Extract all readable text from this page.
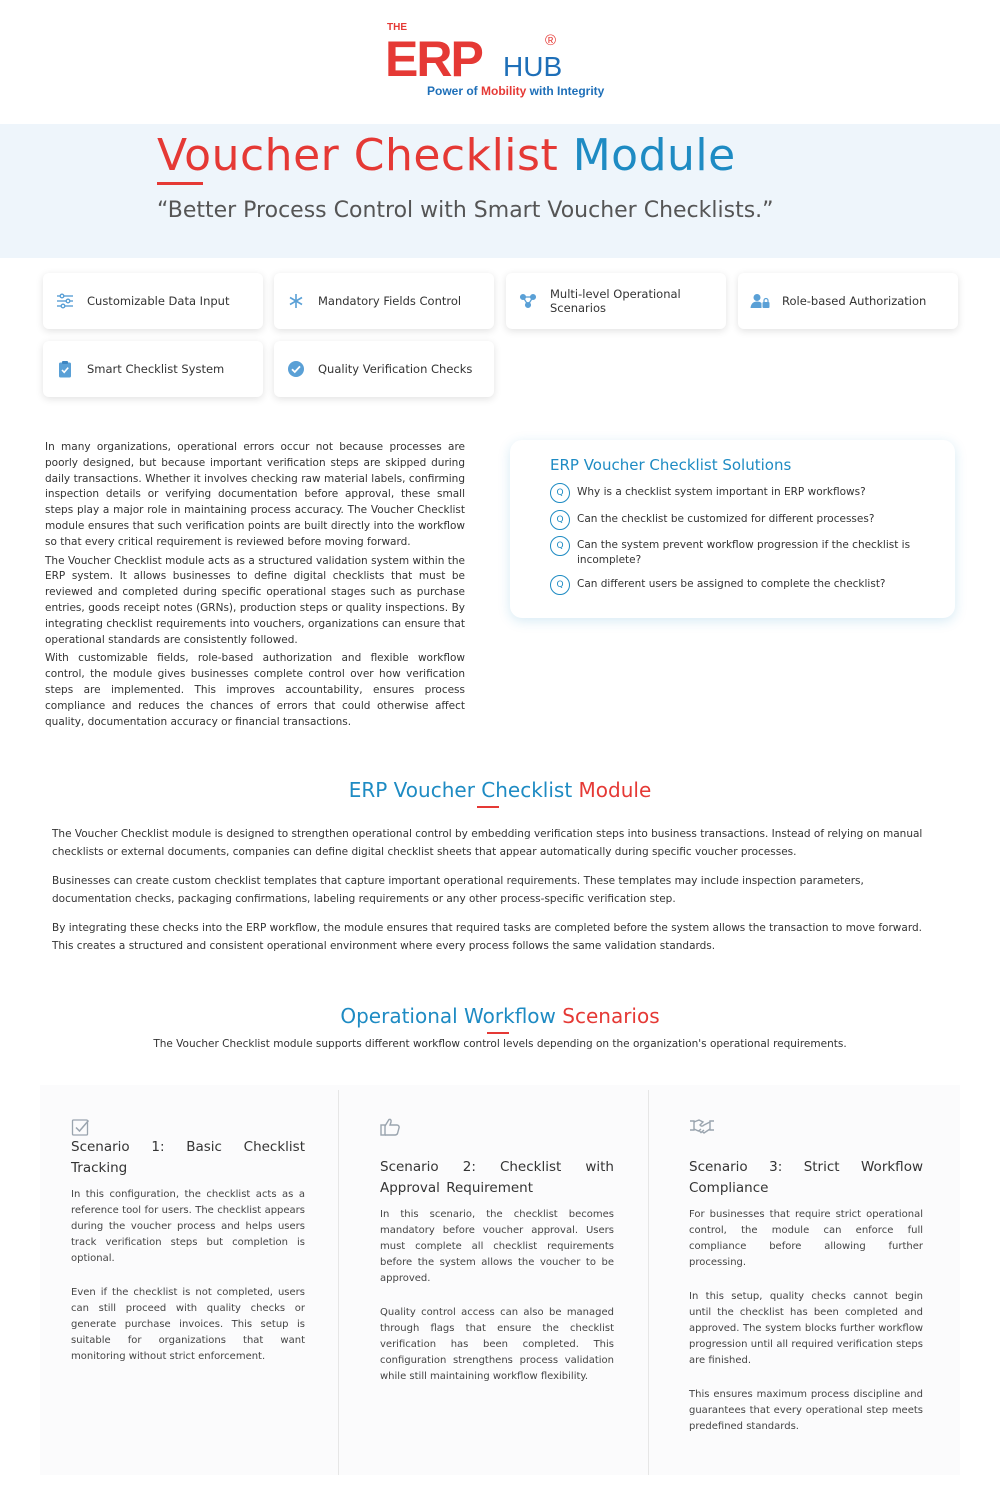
THE
ERP HUB
®
Power of Mobility with Integrity
Voucher Checklist Module
“Better Process Control with Smart Voucher Checklists.”
Customizable Data Input	Mandatory Fields Control	Multi-level Operational Scenarios	Role-based Authorization
Smart Checklist System	Quality Verification Checks

In many organizations, operational errors occur not because processes are poorly designed, but because important verification steps are skipped during daily transactions. Whether it involves checking raw material labels, confirming inspection details or verifying documentation before approval, these small steps play a major role in maintaining process accuracy. The Voucher Checklist module ensures that such verification points are built directly into the workflow so that every critical requirement is reviewed before moving forward.

The Voucher Checklist module acts as a structured validation system within the ERP system. It allows businesses to define digital checklists that must be reviewed and completed during specific operational stages such as purchase entries, goods receipt notes (GRNs), production steps or quality inspections. By integrating checklist requirements into vouchers, organizations can ensure that operational standards are consistently followed.

With customizable fields, role-based authorization and flexible workflow control, the module gives businesses complete control over how verification steps are implemented. This improves accountability, ensures process compliance and reduces the chances of errors that could otherwise affect quality, documentation accuracy or financial transactions.

ERP Voucher Checklist Solutions
Q	Why is a checklist system important in ERP workflows?
Q	Can the checklist be customized for different processes?
Q	Can the system prevent workflow progression if the checklist is incomplete?
Q	Can different users be assigned to complete the checklist?
ERP Voucher Checklist Module

The Voucher Checklist module is designed to strengthen operational control by embedding verification steps into business transactions. Instead of relying on manual checklists or external documents, companies can define digital checklist sheets that appear automatically during specific voucher processes.

Businesses can create custom checklist templates that capture important operational requirements. These templates may include inspection parameters, documentation checks, packaging confirmations, labeling requirements or any other process-specific verification step.

By integrating these checks into the ERP workflow, the module ensures that required tasks are completed before the system allows the transaction to move forward. This creates a structured and consistent operational environment where every process follows the same validation standards.

Operational Workflow Scenarios
The Voucher Checklist module supports different workflow control levels depending on the organization's operational requirements.
Scenario 1: Basic Checklist Tracking

In this configuration, the checklist acts as a reference tool for users. The checklist appears during the voucher process and helps users track verification steps but completion is optional.

Even if the checklist is not completed, users can still proceed with quality checks or generate purchase invoices. This setup is suitable for organizations that want monitoring without strict enforcement.

Scenario 2: Checklist with Approval Requirement

In this scenario, the checklist becomes mandatory before voucher approval. Users must complete all checklist requirements before the system allows the voucher to be approved.

Quality control access can also be managed through flags that ensure the checklist verification has been completed. This configuration strengthens process validation while still maintaining workflow flexibility.

Scenario 3: Strict Workflow Compliance

For businesses that require strict operational control, the module can enforce full compliance before allowing further processing.

In this setup, quality checks cannot begin until the checklist has been completed and approved. The system blocks further workflow progression until all required verification steps are finished.

This ensures maximum process discipline and guarantees that every operational step meets predefined standards.
